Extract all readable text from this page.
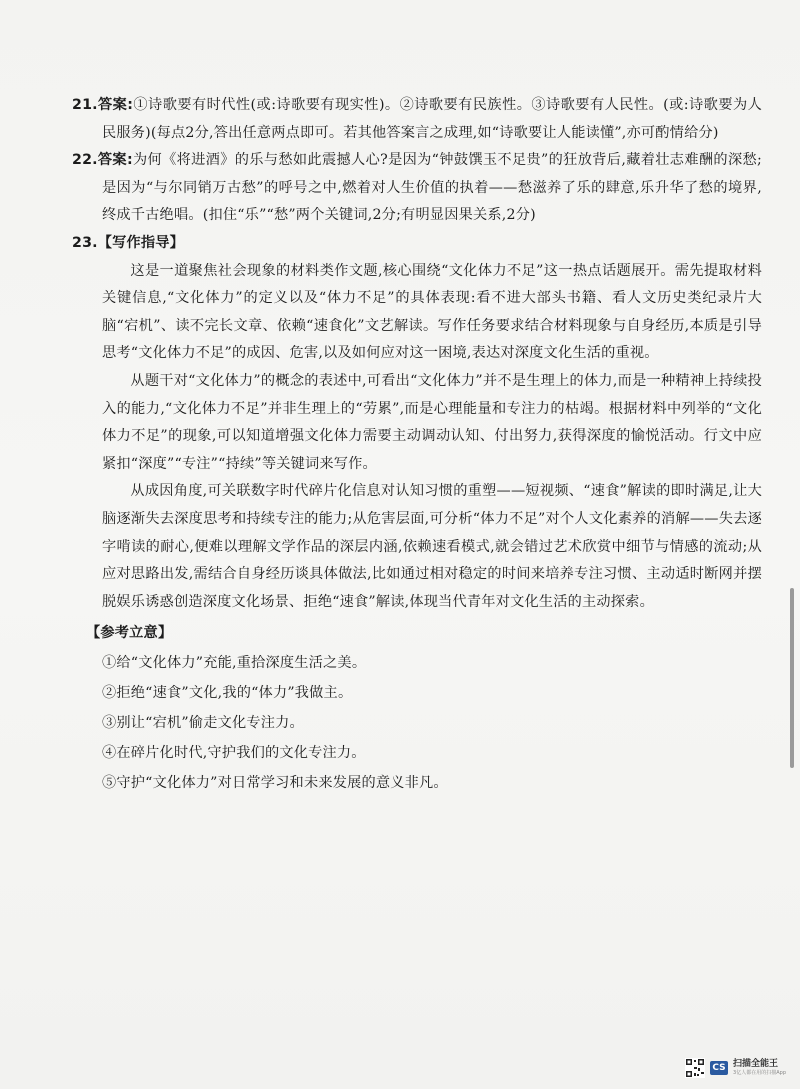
21.答案:①诗歌要有时代性(或:诗歌要有现实性)。②诗歌要有民族性。③诗歌要有人民性。(或:诗歌要为人民服务)(每点2分,答出任意两点即可。若其他答案言之成理,如“诗歌要让人能读懂”,亦可酌情给分)

22.答案:为何《将进酒》的乐与愁如此震撼人心?是因为“钟鼓馔玉不足贵”的狂放背后,藏着壮志难酬的深愁;是因为“与尔同销万古愁”的呼号之中,燃着对人生价值的执着——愁滋养了乐的肆意,乐升华了愁的境界,终成千古绝唱。(扣住“乐”“愁”两个关键词,2分;有明显因果关系,2分)

23.【写作指导】

这是一道聚焦社会现象的材料类作文题,核心围绕“文化体力不足”这一热点话题展开。需先提取材料关键信息,“文化体力”的定义以及“体力不足”的具体表现:看不进大部头书籍、看人文历史类纪录片大脑“宕机”、读不完长文章、依赖“速食化”文艺解读。写作任务要求结合材料现象与自身经历,本质是引导思考“文化体力不足”的成因、危害,以及如何应对这一困境,表达对深度文化生活的重视。

从题干对“文化体力”的概念的表述中,可看出“文化体力”并不是生理上的体力,而是一种精神上持续投入的能力,“文化体力不足”并非生理上的“劳累”,而是心理能量和专注力的枯竭。根据材料中列举的“文化体力不足”的现象,可以知道增强文化体力需要主动调动认知、付出努力,获得深度的愉悦活动。行文中应紧扣“深度”“专注”“持续”等关键词来写作。

从成因角度,可关联数字时代碎片化信息对认知习惯的重塑——短视频、“速食”解读的即时满足,让大脑逐渐失去深度思考和持续专注的能力;从危害层面,可分析“体力不足”对个人文化素养的消解——失去逐字啃读的耐心,便难以理解文学作品的深层内涵,依赖速看模式,就会错过艺术欣赏中细节与情感的流动;从应对思路出发,需结合自身经历谈具体做法,比如通过相对稳定的时间来培养专注习惯、主动适时断网并摆脱娱乐诱惑创造深度文化场景、拒绝“速食”解读,体现当代青年对文化生活的主动探索。

【参考立意】

①给“文化体力”充能,重拾深度生活之美。
②拒绝“速食”文化,我的“体力”我做主。
③别让“宕机”偷走文化专注力。
④在碎片化时代,守护我们的文化专注力。
⑤守护“文化体力”对日常学习和未来发展的意义非凡。
CS 扫描全能王
3亿人都在用的扫描App
